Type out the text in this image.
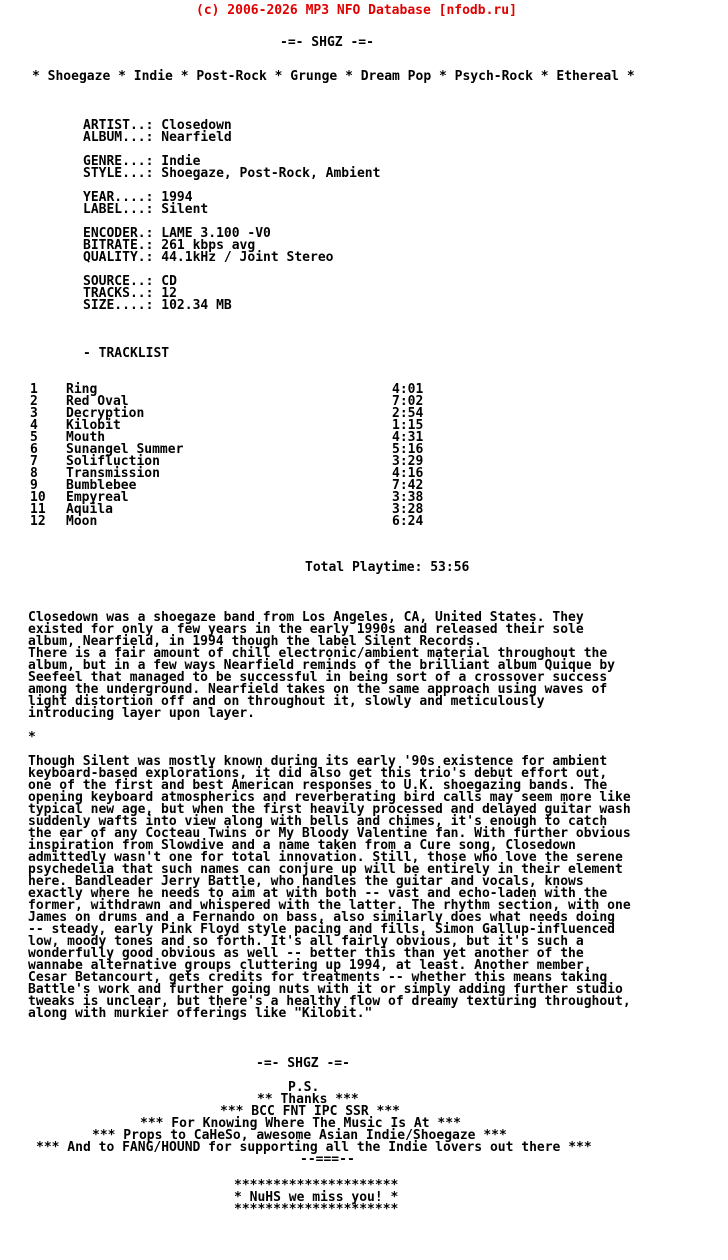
(c) 2006-2026 MP3 NFO Database [nfodb.ru]
-=- SHGZ -=-
* Shoegaze * Indie * Post-Rock * Grunge * Dream Pop * Psych-Rock * Ethereal *
ARTIST..: Closedown
ALBUM...: Nearfield
GENRE...: Indie
STYLE...: Shoegaze, Post-Rock, Ambient
YEAR....: 1994
LABEL...: Silent
ENCODER.: LAME 3.100 -V0
BITRATE.: 261 kbps avg
QUALITY.: 44.1kHz / Joint Stereo
SOURCE..: CD
TRACKS..: 12
SIZE....: 102.34 MB
- TRACKLIST
1 Ring	4:01
2 Red Oval	7:02
3 Decryption	2:54
4 Kilobit	1:15
5 Mouth	4:31
6 Sunangel Summer	5:16
7 Solifluction	3:29
8 Transmission	4:16
9 Bumblebee	7:42
10 Empyreal	3:38
11 Aquila	3:28
12 Moon	6:24
Total Playtime: 53:56
Closedown was a shoegaze band from Los Angeles, CA, United States. They
existed for only a few years in the early 1990s and released their sole
album, Nearfield, in 1994 though the label Silent Records.
There is a fair amount of chill electronic/ambient material throughout the
album, but in a few ways Nearfield reminds of the brilliant album Quique by
Seefeel that managed to be successful in being sort of a crossover success
among the underground. Nearfield takes on the same approach using waves of
light distortion off and on throughout it, slowly and meticulously
introducing layer upon layer.
*
Though Silent was mostly known during its early '90s existence for ambient
keyboard-based explorations, it did also get this trio's debut effort out,
one of the first and best American responses to U.K. shoegazing bands. The
opening keyboard atmospherics and reverberating bird calls may seem more like
typical new age, but when the first heavily processed and delayed guitar wash
suddenly wafts into view along with bells and chimes, it's enough to catch
the ear of any Cocteau Twins or My Bloody Valentine fan. With further obvious
inspiration from Slowdive and a name taken from a Cure song, Closedown
admittedly wasn't one for total innovation. Still, those who love the serene
psychedelia that such names can conjure up will be entirely in their element
here. Bandleader Jerry Battle, who handles the guitar and vocals, knows
exactly where he needs to aim at with both -- vast and echo-laden with the
former, withdrawn and whispered with the latter. The rhythm section, with one
James on drums and a Fernando on bass, also similarly does what needs doing
-- steady, early Pink Floyd style pacing and fills, Simon Gallup-influenced
low, moody tones and so forth. It's all fairly obvious, but it's such a
wonderfully good obvious as well -- better this than yet another of the
wannabe alternative groups cluttering up 1994, at least. Another member,
Cesar Betancourt, gets credits for treatments -- whether this means taking
Battle's work and further going nuts with it or simply adding further studio
tweaks is unclear, but there's a healthy flow of dreamy texturing throughout,
along with murkier offerings like "Kilobit."
-=- SHGZ -=-
P.S.
** Thanks ***
*** BCC FNT IPC SSR ***
*** For Knowing Where The Music Is At ***
*** Props to CaHeSo, awesome Asian Indie/Shoegaze ***
*** And to FANG/HOUND for supporting all the Indie lovers out there ***
--===--
*********************
* NuHS we miss you! *
*********************
